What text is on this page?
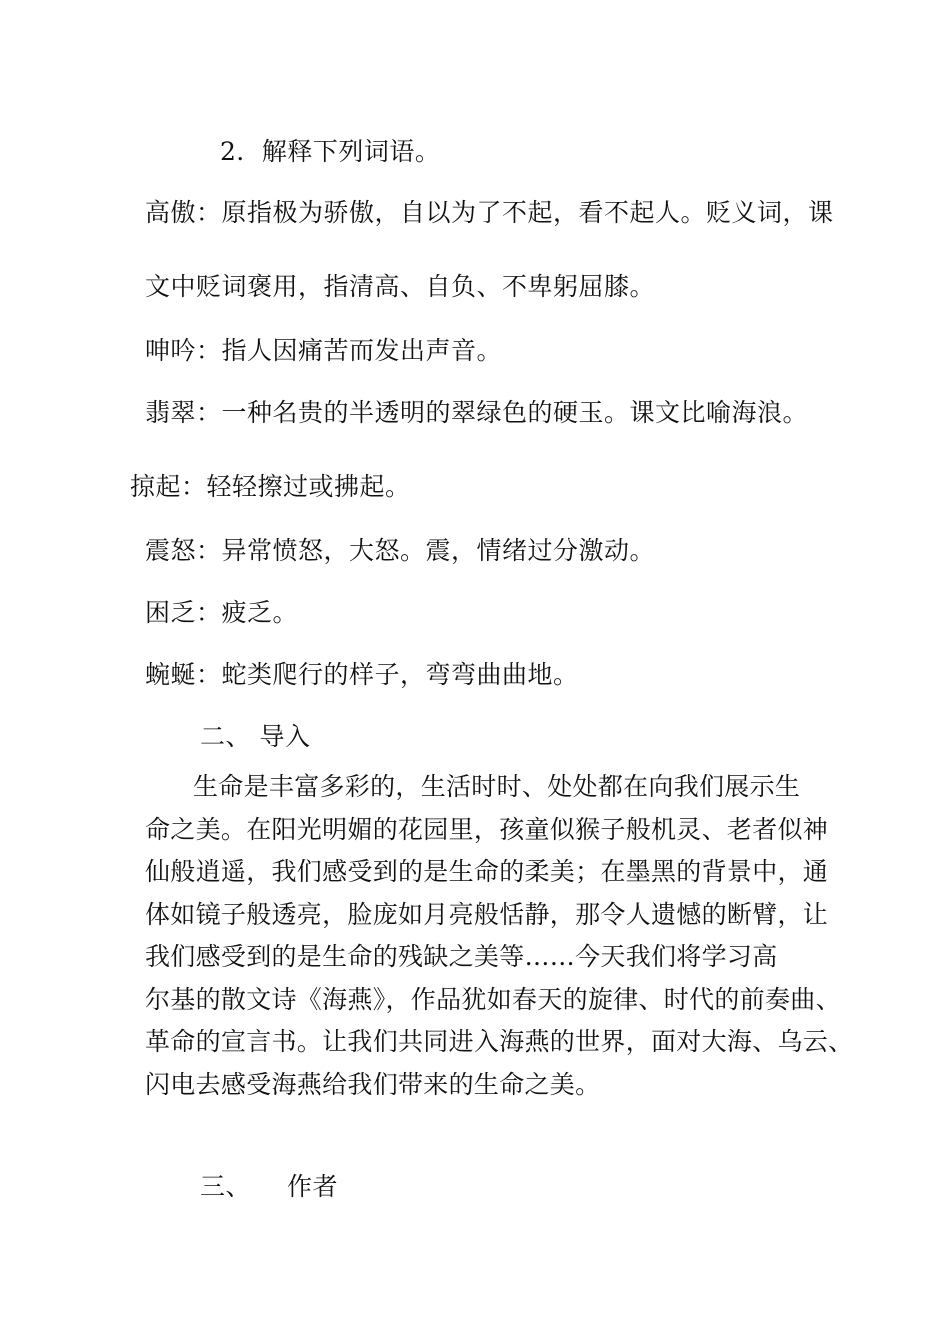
2．解释下列词语。
高傲：原指极为骄傲，自以为了不起，看不起人。贬义词，课
文中贬词褒用，指清高、自负、不卑躬屈膝。
呻吟：指人因痛苦而发出声音。
翡翠：一种名贵的半透明的翠绿色的硬玉。课文比喻海浪。
掠起：轻轻擦过或拂起。
震怒：异常愤怒，大怒。震，情绪过分激动。
困乏：疲乏。
蜿蜒：蛇类爬行的样子，弯弯曲曲地。
二、 导入

生命是丰富多彩的，生活时时、处处都在向我们展示生

命之美。在阳光明媚的花园里，孩童似猴子般机灵、老者似神

仙般逍遥，我们感受到的是生命的柔美；在墨黑的背景中，通

体如镜子般透亮，脸庞如月亮般恬静，那令人遗憾的断臂，让

我们感受到的是生命的残缺之美等……今天我们将学习高

尔基的散文诗《海燕》，作品犹如春天的旋律、时代的前奏曲、

革命的宣言书。让我们共同进入海燕的世界，面对大海、乌云、

闪电去感受海燕给我们带来的生命之美。

三、 作者
